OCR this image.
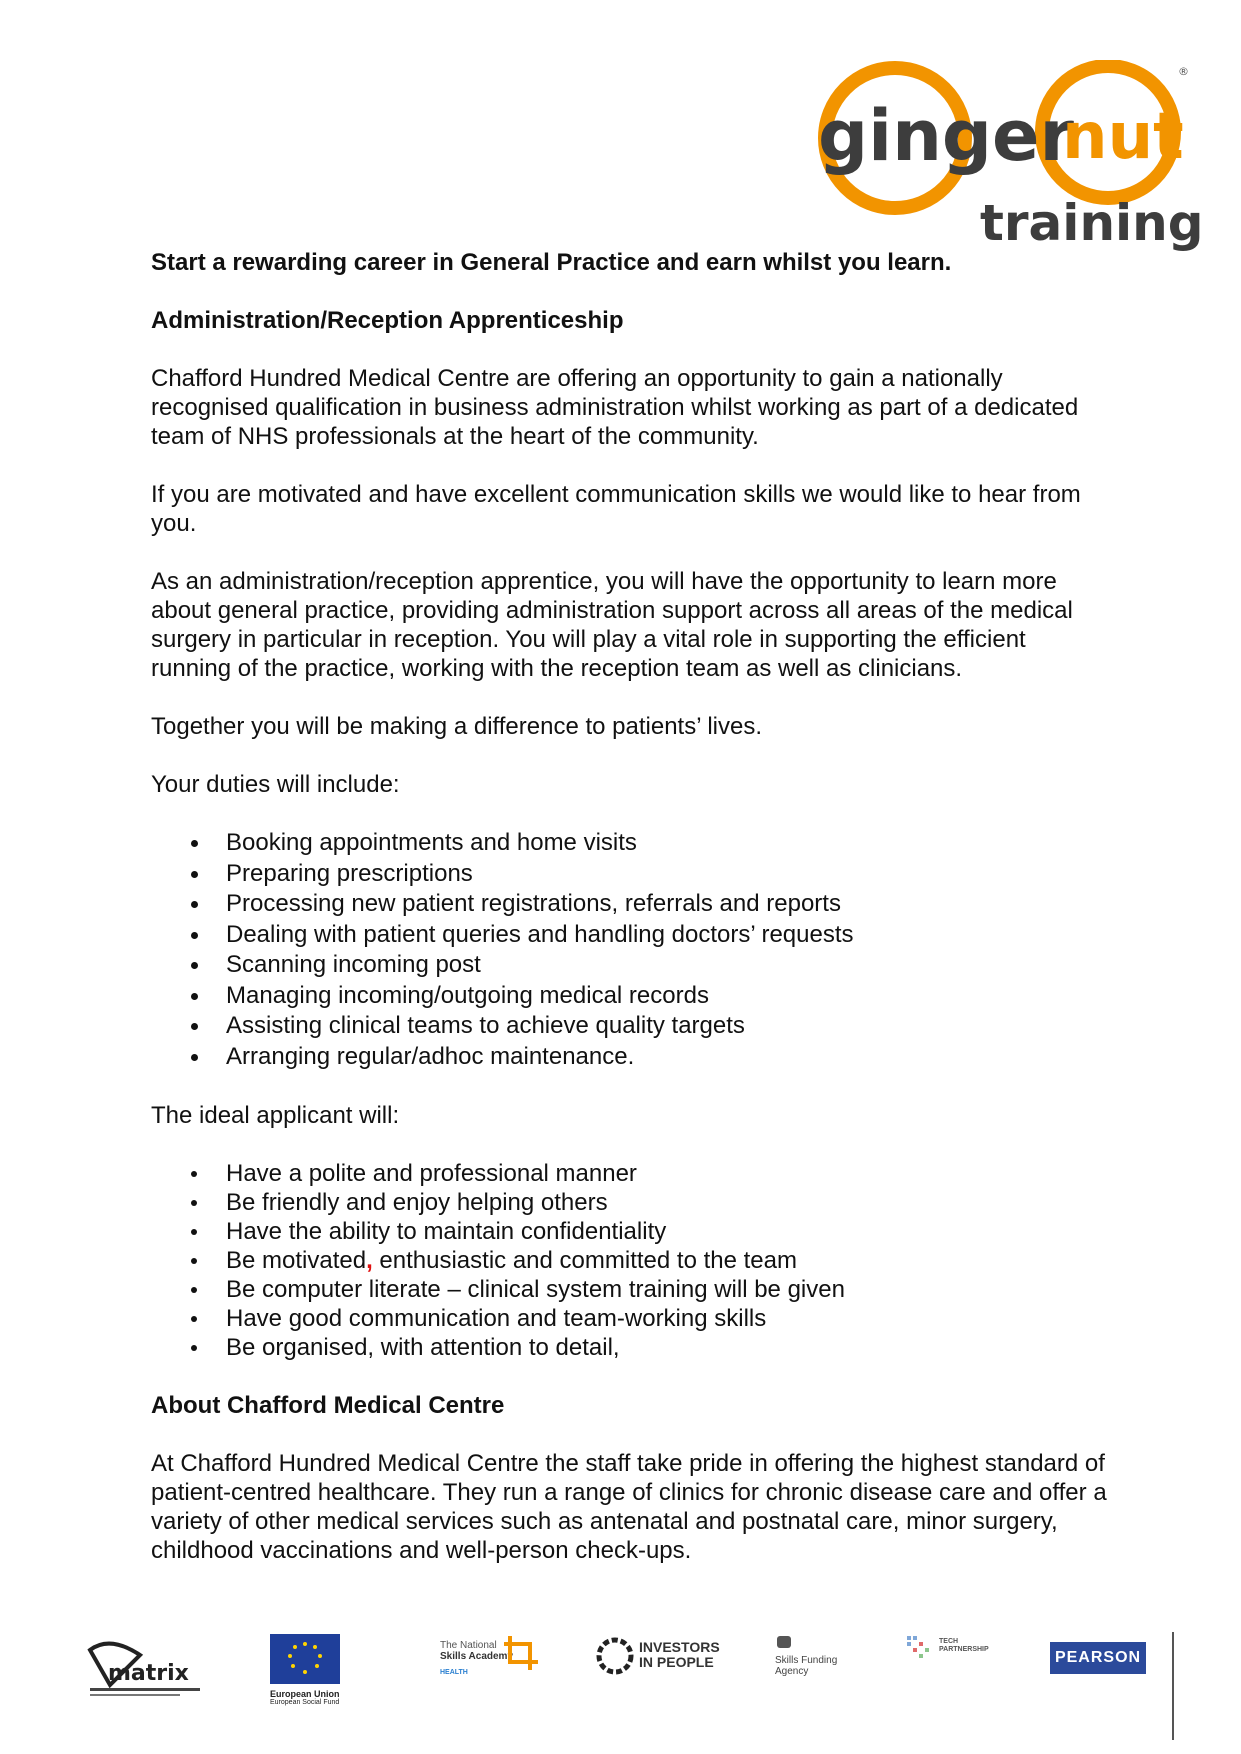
ginger
nut
training
®

Start a rewarding career in General Practice and earn whilst you learn.

Administration/Reception Apprenticeship

Chafford Hundred Medical Centre are offering an opportunity to gain a nationally recognised qualification in business administration whilst working as part of a dedicated team of NHS professionals at the heart of the community.

If you are motivated and have excellent communication skills we would like to hear from you.

As an administration/reception apprentice, you will have the opportunity to learn more about general practice, providing administration support across all areas of the medical surgery in particular in reception. You will play a vital role in supporting the efficient running of the practice, working with the reception team as well as clinicians.

Together you will be making a difference to patients’ lives.

Your duties will include:

Booking appointments and home visits
Preparing prescriptions
Processing new patient registrations, referrals and reports
Dealing with patient queries and handling doctors’ requests
Scanning incoming post
Managing incoming/outgoing medical records
Assisting clinical teams to achieve quality targets
Arranging regular/adhoc maintenance.

The ideal applicant will:

Have a polite and professional manner
Be friendly and enjoy helping others
Have the ability to maintain confidentiality
Be motivated, enthusiastic and committed to the team
Be computer literate – clinical system training will be given
Have good communication and team-working skills
Be organised, with attention to detail,

About Chafford Medical Centre

At Chafford Hundred Medical Centre the staff take pride in offering the highest standard of patient-centred healthcare. They run a range of clinics for chronic disease care and offer a variety of other medical services such as antenatal and postnatal care, minor surgery, childhood vaccinations and well-person check-ups.

matrix
European Union
European Social Fund
The National
Skills Academy
HEALTH
INVESTORS
IN PEOPLE	Skills Funding
Agency
TECH PARTNERSHIP	PEARSON
